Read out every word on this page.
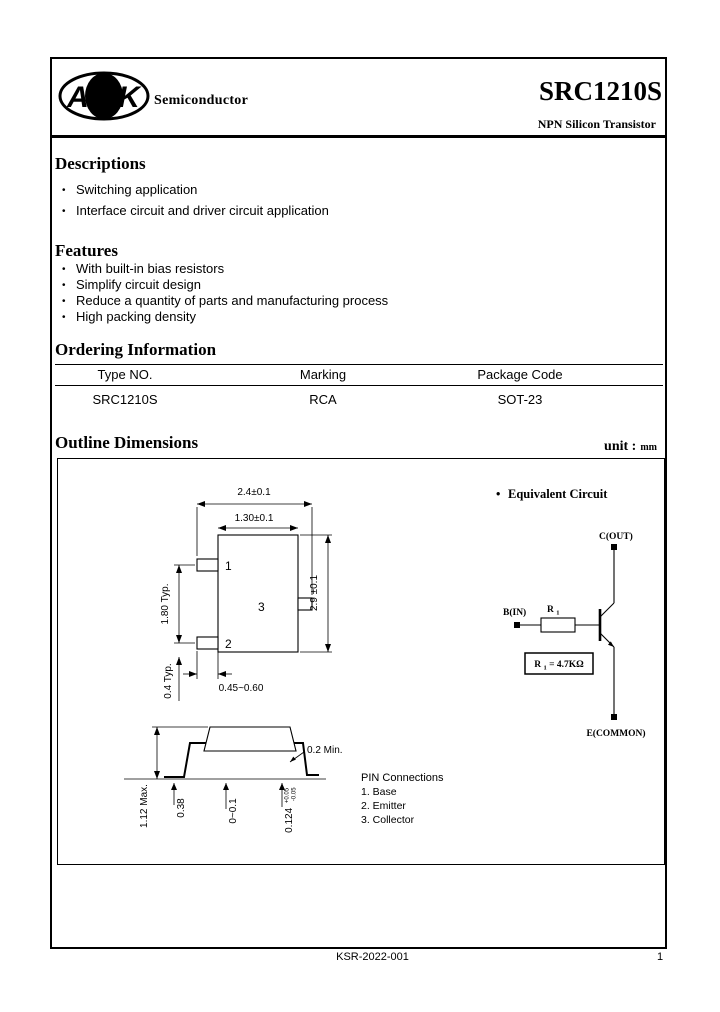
A U K Semiconductor	SRC1210S
NPN Silicon Transistor
Descriptions
• Switching application
• Interface circuit and driver circuit application
Features
• With built-in bias resistors
• Simplify circuit design
• Reduce a quantity of parts and manufacturing process
• High packing density
Ordering Information
Type NO.	Marking	Package Code
SRC1210S	RCA	SOT-23
Outline Dimensions	unit : mm
1
2
3
2.4±0.1
1.30±0.1
2.9 ±0.1
1.80 Typ.
0.4 Typ.	0.45~0.60
0.2 Min.
1.12 Max.	0.38	0~0.1	0.124 $^{+0.05}$ -0.05
PIN Connections
1. Base
2. Emitter
3. Collector
• Equivalent Circuit
C(OUT)
E(COMMON)
B(IN) R $_1$
R $_1$ = 4.7KΩ
KSR-2022-001	1
